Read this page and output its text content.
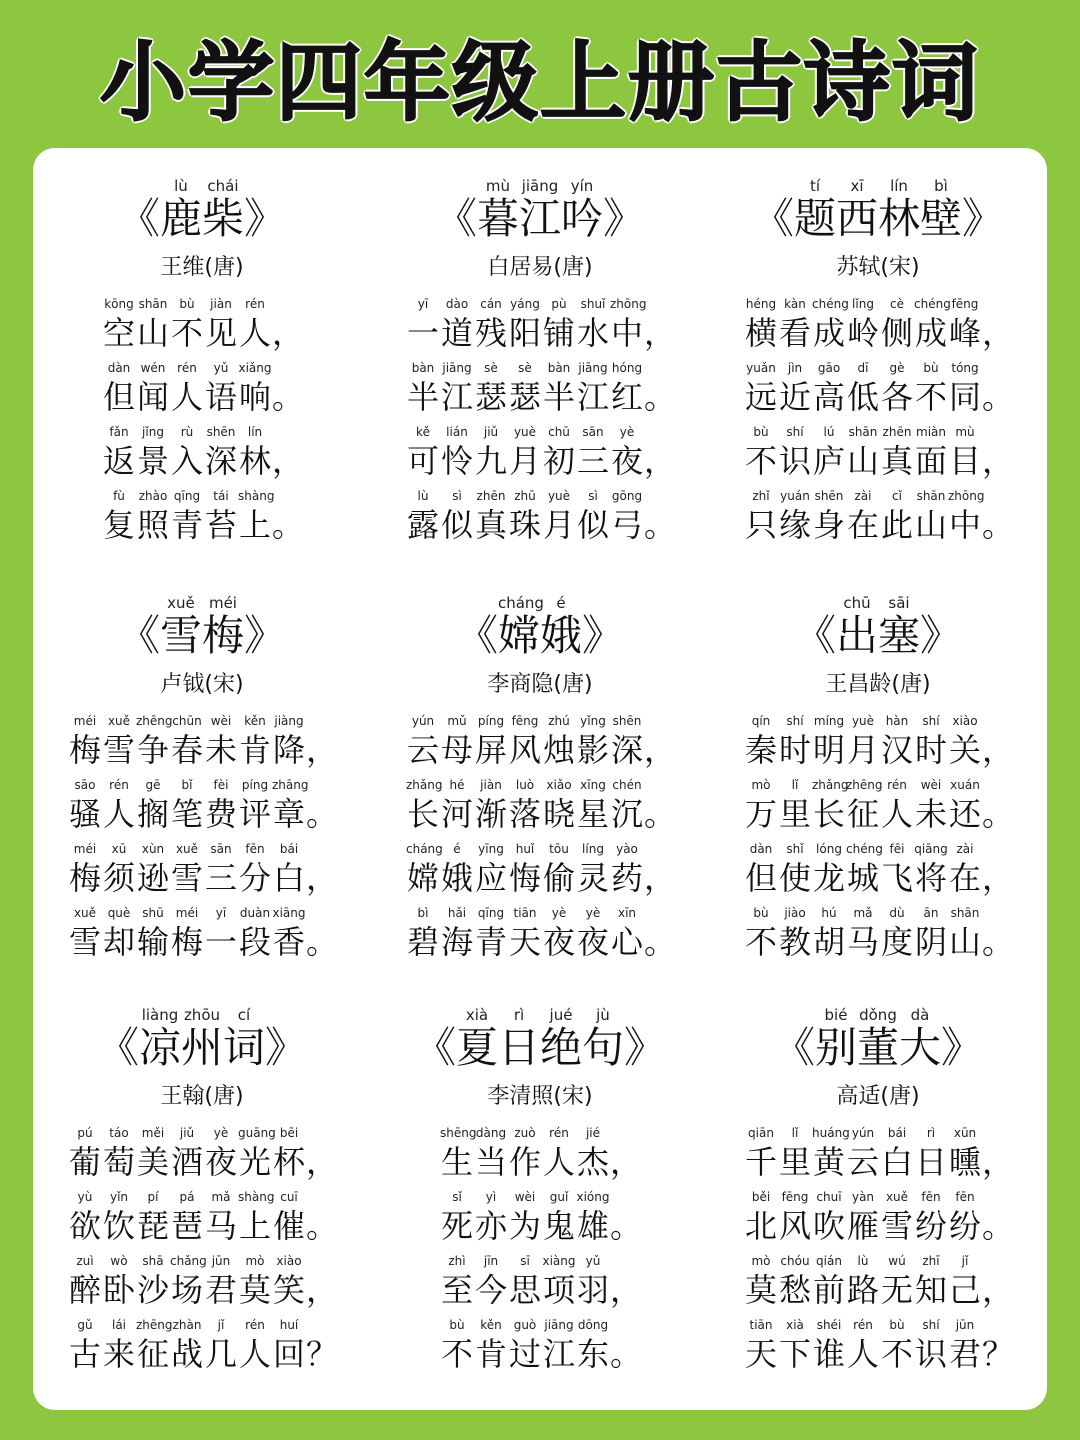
小学四年级上册古诗词
lù	chái
《鹿柴》
王维(唐)
kōng shān bù	jiàn	rén
空 山 不 见 人 ，
dàn wén rén	yǔ xiǎng
但 闻 人 语 响 。
fǎn	jǐng	rù	shēn	lín
返 景 入 深 林 ，
fù	zhào qīng	tái shàng
复 照 青 苔 上 。
mù jiāng yín
《暮江吟》
白居易(唐)
yī	dào	cán yáng pù	shuǐ zhōng
一 道 残 阳 铺 水 中 ，
bàn jiāng	sè	sè	bàn jiāng hóng
半 江 瑟 瑟 半 江 红 。
kě	lián	jiǔ	yuè	chū	sān	yè
可 怜 九 月 初 三 夜 ，
lù	sì	zhēn zhū	yuè	sì	gōng
露 似 真 珠 月 似 弓 。
tí	xī	lín	bì
《题西林壁》
苏轼(宋)
héng kàn chéng lǐng	cè chéng fēng
横 看 成 岭 侧 成 峰 ，
yuǎn	jìn	gāo	dī	gè	bù	tóng
远 近 高 低 各 不 同 。
bù	shí	lú	shān zhēn miàn mù
不 识 庐 山 真 面 目 ，
zhǐ yuán shēn zài	cǐ	shān zhōng
只 缘 身 在 此 山 中 。
xuě méi
《雪梅》
卢钺(宋)
méi xuě zhēng chūn wèi	kěn jiàng
梅 雪 争 春 未 肯 降 ，
sāo	rén	gē	bǐ	fèi	píng zhāng
骚 人 搁 笔 费 评 章 。
méi	xū	xùn xuě	sān	fēn	bái
梅 须 逊 雪 三 分 白 ，
xuě què shū	méi	yī	duàn xiāng
雪 却 输 梅 一 段 香 。
cháng é
《嫦娥》
李商隐(唐)
yún	mǔ píng fēng zhú yǐng shēn
云 母 屏 风 烛 影 深 ，
zhǎng hé	jiàn	luò	xiǎo xīng chén
长 河 渐 落 晓 星 沉 。
cháng é	yīng huǐ	tōu	líng	yào
嫦 娥 应 悔 偷 灵 药 ，
bì	hǎi qīng tiān	yè	yè	xīn
碧 海 青 天 夜 夜 心 。
chū	sāi
《出塞》
王昌龄(唐)
qín	shí míng yuè hàn	shí	xiào
秦 时 明 月 汉 时 关 ，
mò	lǐ	zhǎng
zhēng rén	wèi xuán
万 里 长 征 人 未 还 。
dàn	shǐ	lóng chéng fēi qiāng zài
但 使 龙 城 飞 将 在 ，
bù	jiào	hú	mǎ	dù	ān	shān
不 教 胡 马 度 阴 山 。
liàng zhōu	cí
《凉州词》
王翰(唐)
pú	táo	měi	jiǔ	yè guāng bēi
葡 萄 美 酒 夜 光 杯 ，
yù	yǐn	pí	pá	mǎ shàng cuī
欲 饮 琵 琶 马 上 催 。
zuì	wò	shā chǎng jūn	mò xiào
醉 卧 沙 场 君 莫 笑 ，
gǔ	lái zhēng zhàn	jǐ	rén	huí
古 来 征 战 几 人 回 ？
xià	rì	jué	jù
《夏日绝句》
李清照(宋)
shēng dàng zuò	rén	jié
生 当 作 人 杰 ，
sǐ	yì	wèi	guǐ xióng
死 亦 为 鬼 雄 。
zhì	jīn	sī	xiàng yǔ
至 今 思 项 羽 ，
bù	kěn guò jiāng dōng
不 肯 过 江 东 。
bié dǒng dà
《别董大》
高适(唐)
qiān	lǐ	huáng yún	bái	rì	xūn
千 里 黄 云 白 日 曛 ，
běi fēng chuī yàn xuě	fēn	fēn
北 风 吹 雁 雪 纷 纷 。
mò chóu qián	lù	wú	zhī	jǐ
莫 愁 前 路 无 知 己 ，
tiān	xià	shéi rén	bù	shí	jūn
天 下 谁 人 不 识 君 ？
